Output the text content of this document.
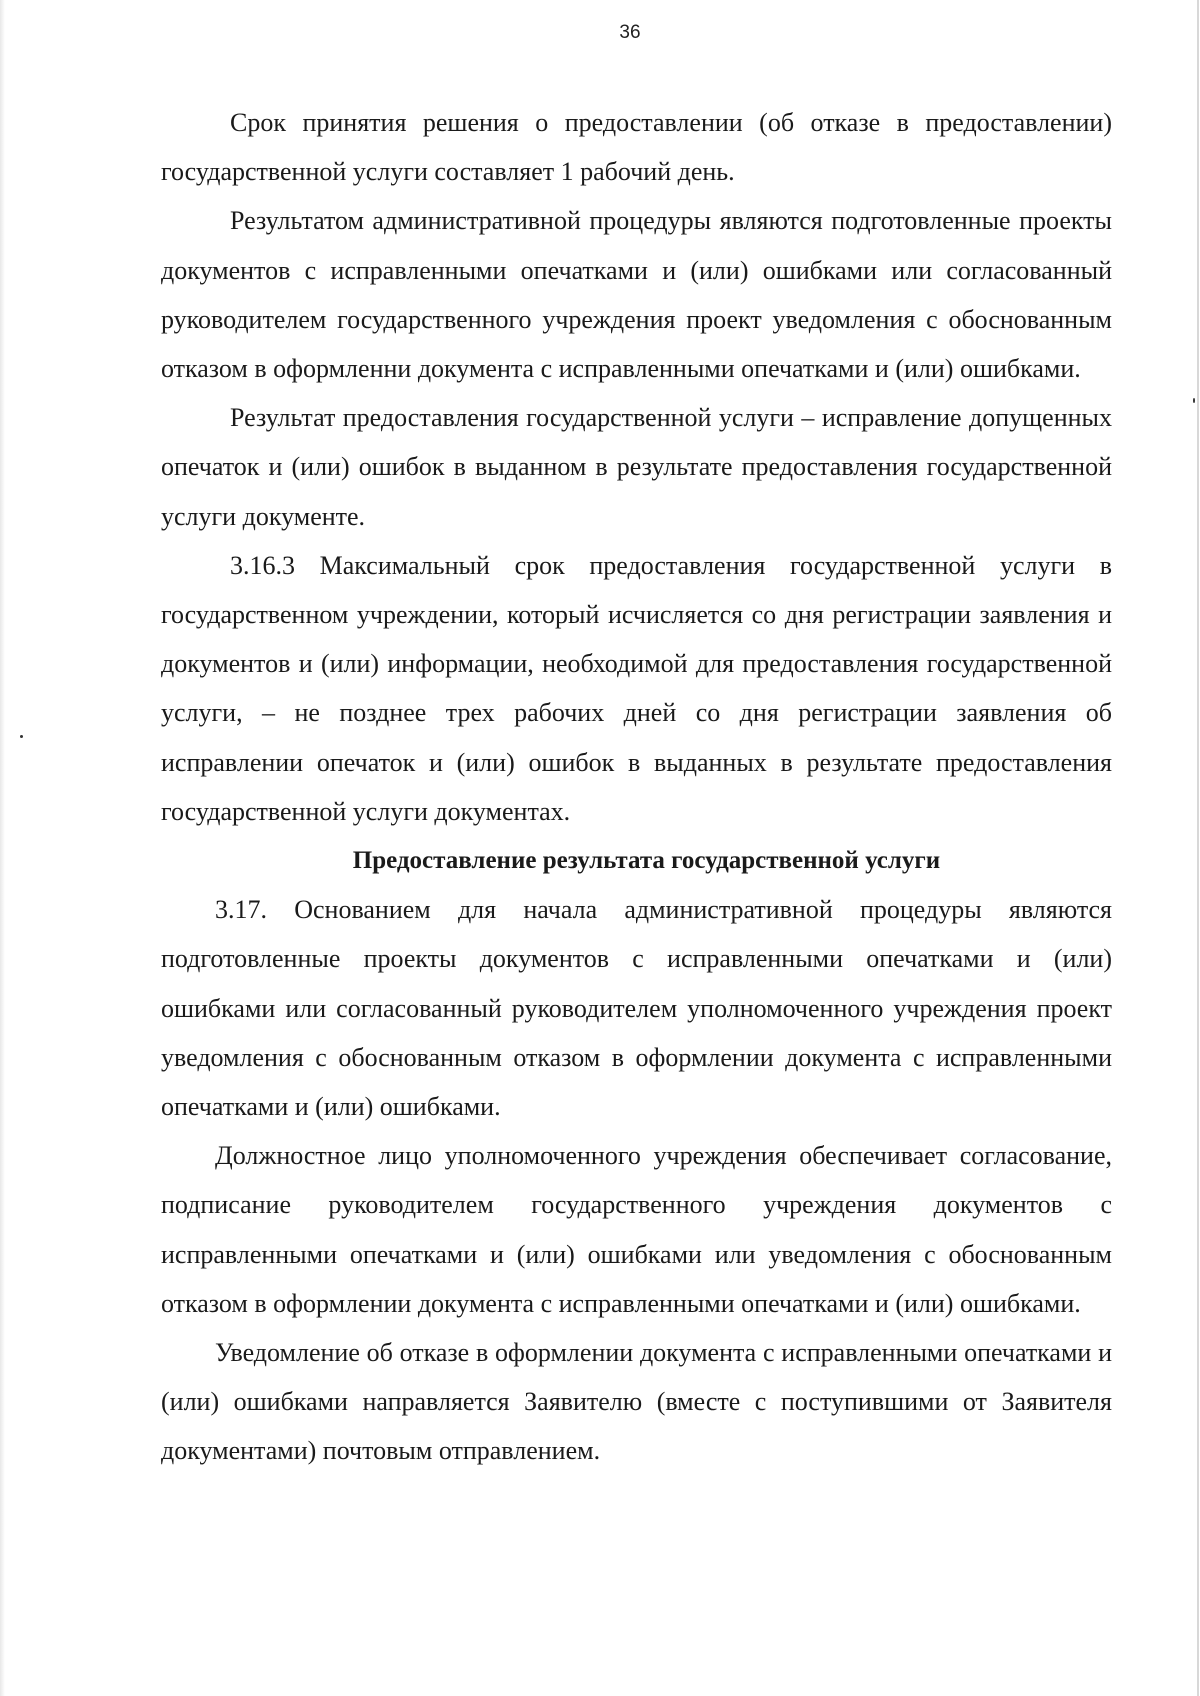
36

Срок принятия решения о предоставлении (об отказе в предоставлении) государственной услуги составляет 1 рабочий день.

Результатом административной процедуры являются подготовленные проекты документов с исправленными опечатками и (или) ошибками или согласованный руководителем государственного учреждения проект уведомления с обоснованным отказом в оформленни документа с исправленными опечатками и (или) ошибками.

Результат предоставления государственной услуги – исправление допущенных опечаток и (или) ошибок в выданном в результате предоставления государственной услуги документе.

3.16.3 Максимальный срок предоставления государственной услуги в государственном учреждении, который исчисляется со дня регистрации заявления и документов и (или) информации, необходимой для предоставления государственной услуги, – не позднее трех рабочих дней со дня регистрации заявления об исправлении опечаток и (или) ошибок в выданных в результате предоставления государственной услуги документах.

Предоставление результата государственной услуги

3.17. Основанием для начала административной процедуры являются подготовленные проекты документов с исправленными опечатками и (или) ошибками или согласованный руководителем уполномоченного учреждения проект уведомления с обоснованным отказом в оформлении документа с исправленными опечатками и (или) ошибками.

Должностное лицо уполномоченного учреждения обеспечивает согласование, подписание руководителем государственного учреждения документов с исправленными опечатками и (или) ошибками или уведомления с обоснованным отказом в оформлении документа с исправленными опечатками и (или) ошибками.

Уведомление об отказе в оформлении документа с исправленными опечатками и (или) ошибками направляется Заявителю (вместе с поступившими от Заявителя документами) почтовым отправлением.
